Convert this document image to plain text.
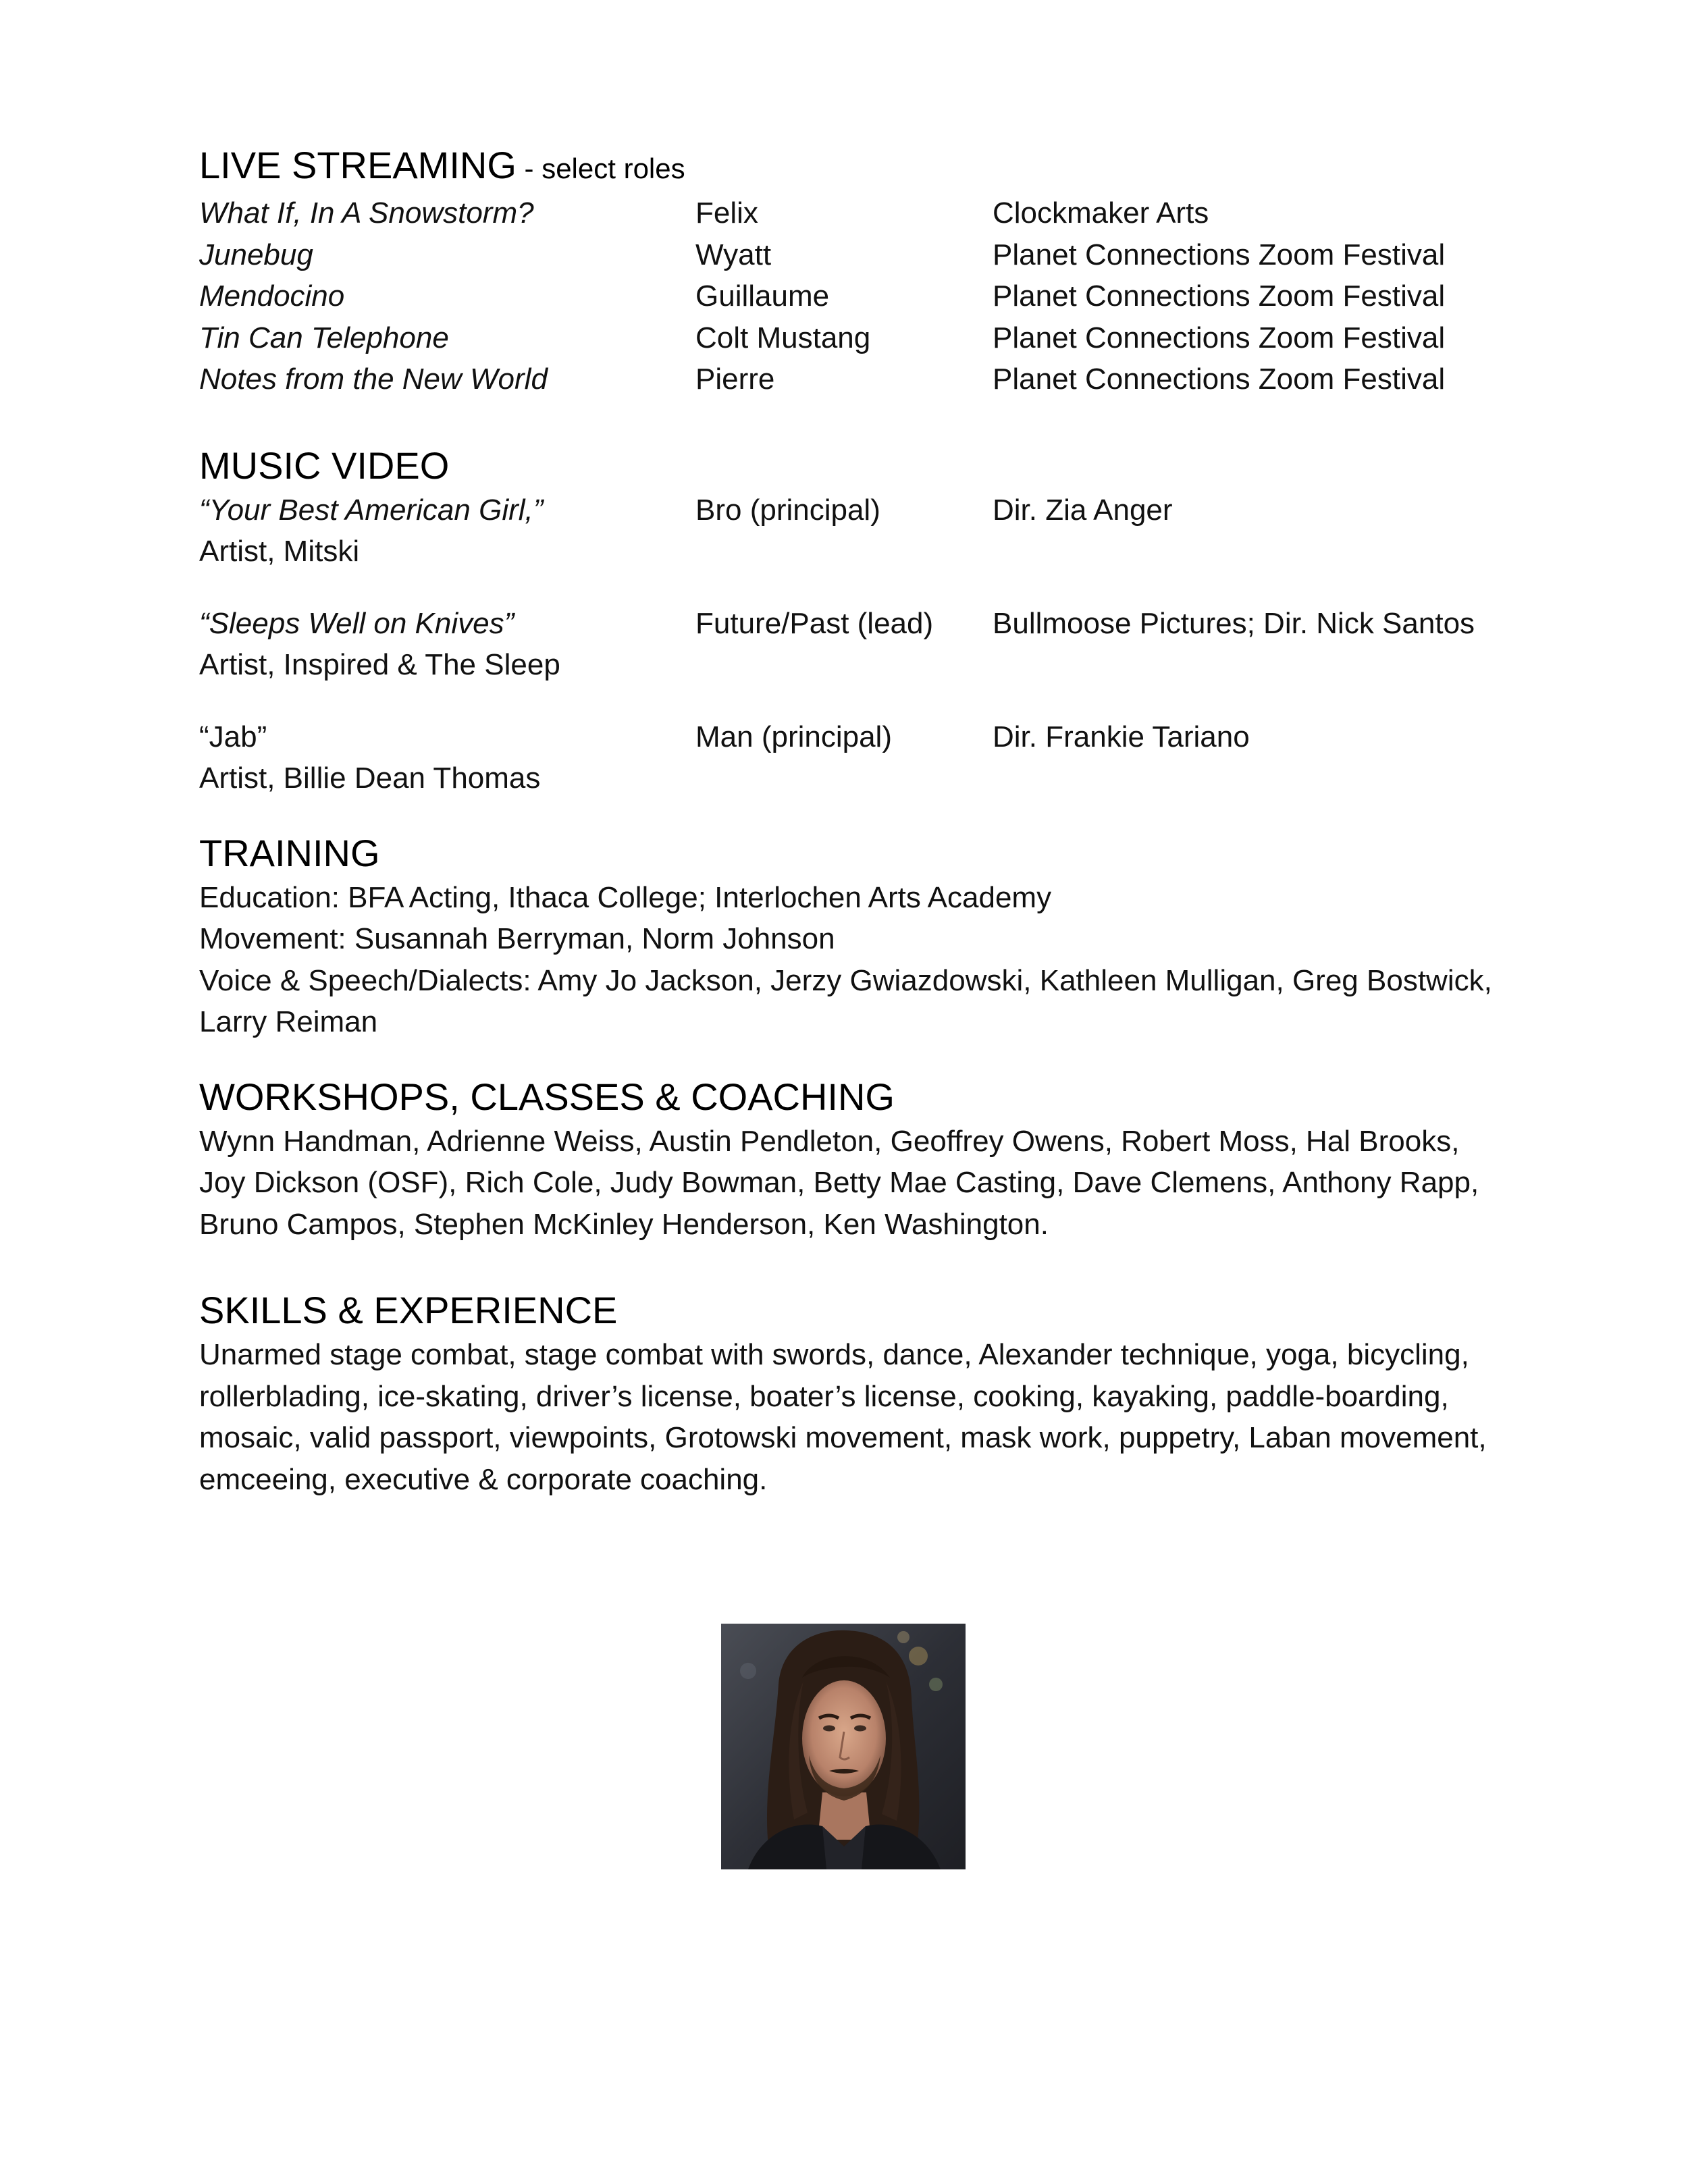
LIVE STREAMING - select roles
What If, In A Snowstorm?	Felix	Clockmaker Arts
Junebug	Wyatt	Planet Connections Zoom Festival
Mendocino	Guillaume	Planet Connections Zoom Festival
Tin Can Telephone	Colt Mustang	Planet Connections Zoom Festival
Notes from the New World	Pierre	Planet Connections Zoom Festival
MUSIC VIDEO
“Your Best American Girl,”	Bro (principal)	Dir. Zia Anger
Artist, Mitski
“Sleeps Well on Knives”	Future/Past (lead)	Bullmoose Pictures; Dir. Nick Santos
Artist, Inspired & The Sleep
“Jab”	Man (principal)	Dir. Frankie Tariano
Artist, Billie Dean Thomas
TRAINING
Education: BFA Acting, Ithaca College; Interlochen Arts Academy
Movement: Susannah Berryman, Norm Johnson
Voice & Speech/Dialects: Amy Jo Jackson, Jerzy Gwiazdowski, Kathleen Mulligan, Greg Bostwick,
Larry Reiman
WORKSHOPS, CLASSES & COACHING
Wynn Handman, Adrienne Weiss, Austin Pendleton, Geoffrey Owens, Robert Moss, Hal Brooks,
Joy Dickson (OSF), Rich Cole, Judy Bowman, Betty Mae Casting, Dave Clemens, Anthony Rapp,
Bruno Campos, Stephen McKinley Henderson, Ken Washington.
SKILLS & EXPERIENCE
Unarmed stage combat, stage combat with swords, dance, Alexander technique, yoga, bicycling,
rollerblading, ice-skating, driver’s license, boater’s license, cooking, kayaking, paddle-boarding,
mosaic, valid passport, viewpoints, Grotowski movement, mask work, puppetry, Laban movement,
emceeing, executive & corporate coaching.
